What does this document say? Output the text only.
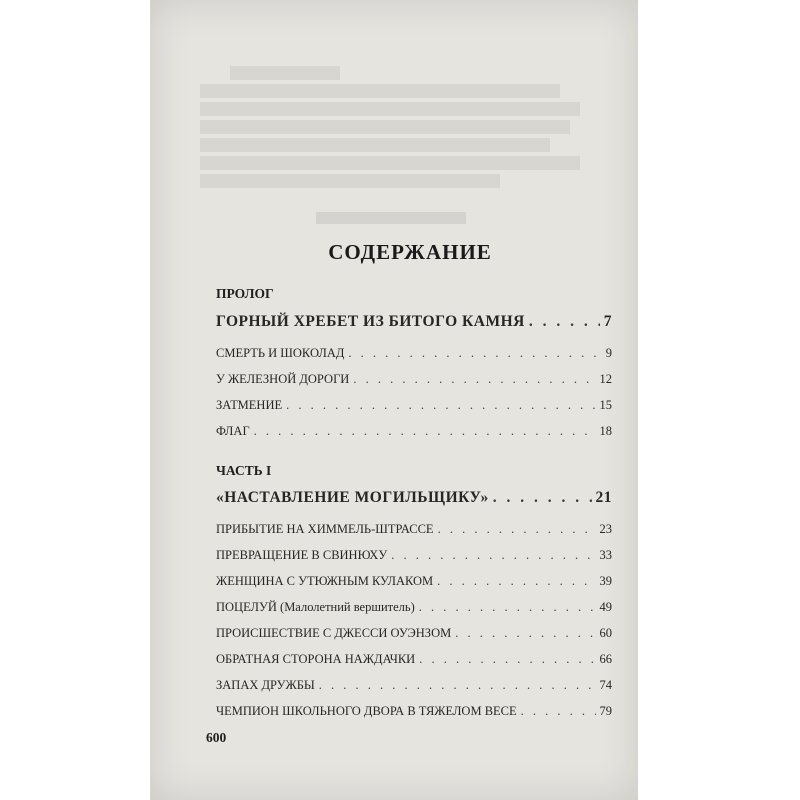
СОДЕРЖАНИЕ
ПРОЛОГ
ГОРНЫЙ ХРЕБЕТ ИЗ БИТОГО КАМНЯ . . .	7
СМЕРТЬ И ШОКОЛАД . . .	9
У ЖЕЛЕЗНОЙ ДОРОГИ . . .	12
ЗАТМЕНИЕ . . .	15
ФЛАГ . . .	18
ЧАСТЬ I
«НАСТАВЛЕНИЕ МОГИЛЬЩИКУ» . . .	21
ПРИБЫТИЕ НА ХИММЕЛЬ-ШТРАССЕ . . .	23
ПРЕВРАЩЕНИЕ В СВИНЮХУ . . .	33
ЖЕНЩИНА С УТЮЖНЫМ КУЛАКОМ . . .	39
ПОЦЕЛУЙ (Малолетний вершитель) . . .	49
ПРОИСШЕСТВИЕ С ДЖЕССИ ОУЭНЗОМ . . .	60
ОБРАТНАЯ СТОРОНА НАЖДАЧКИ . . .	66
ЗАПАХ ДРУЖБЫ . . .	74
ЧЕМПИОН ШКОЛЬНОГО ДВОРА В ТЯЖЕЛОМ ВЕСЕ . . .	79
600
